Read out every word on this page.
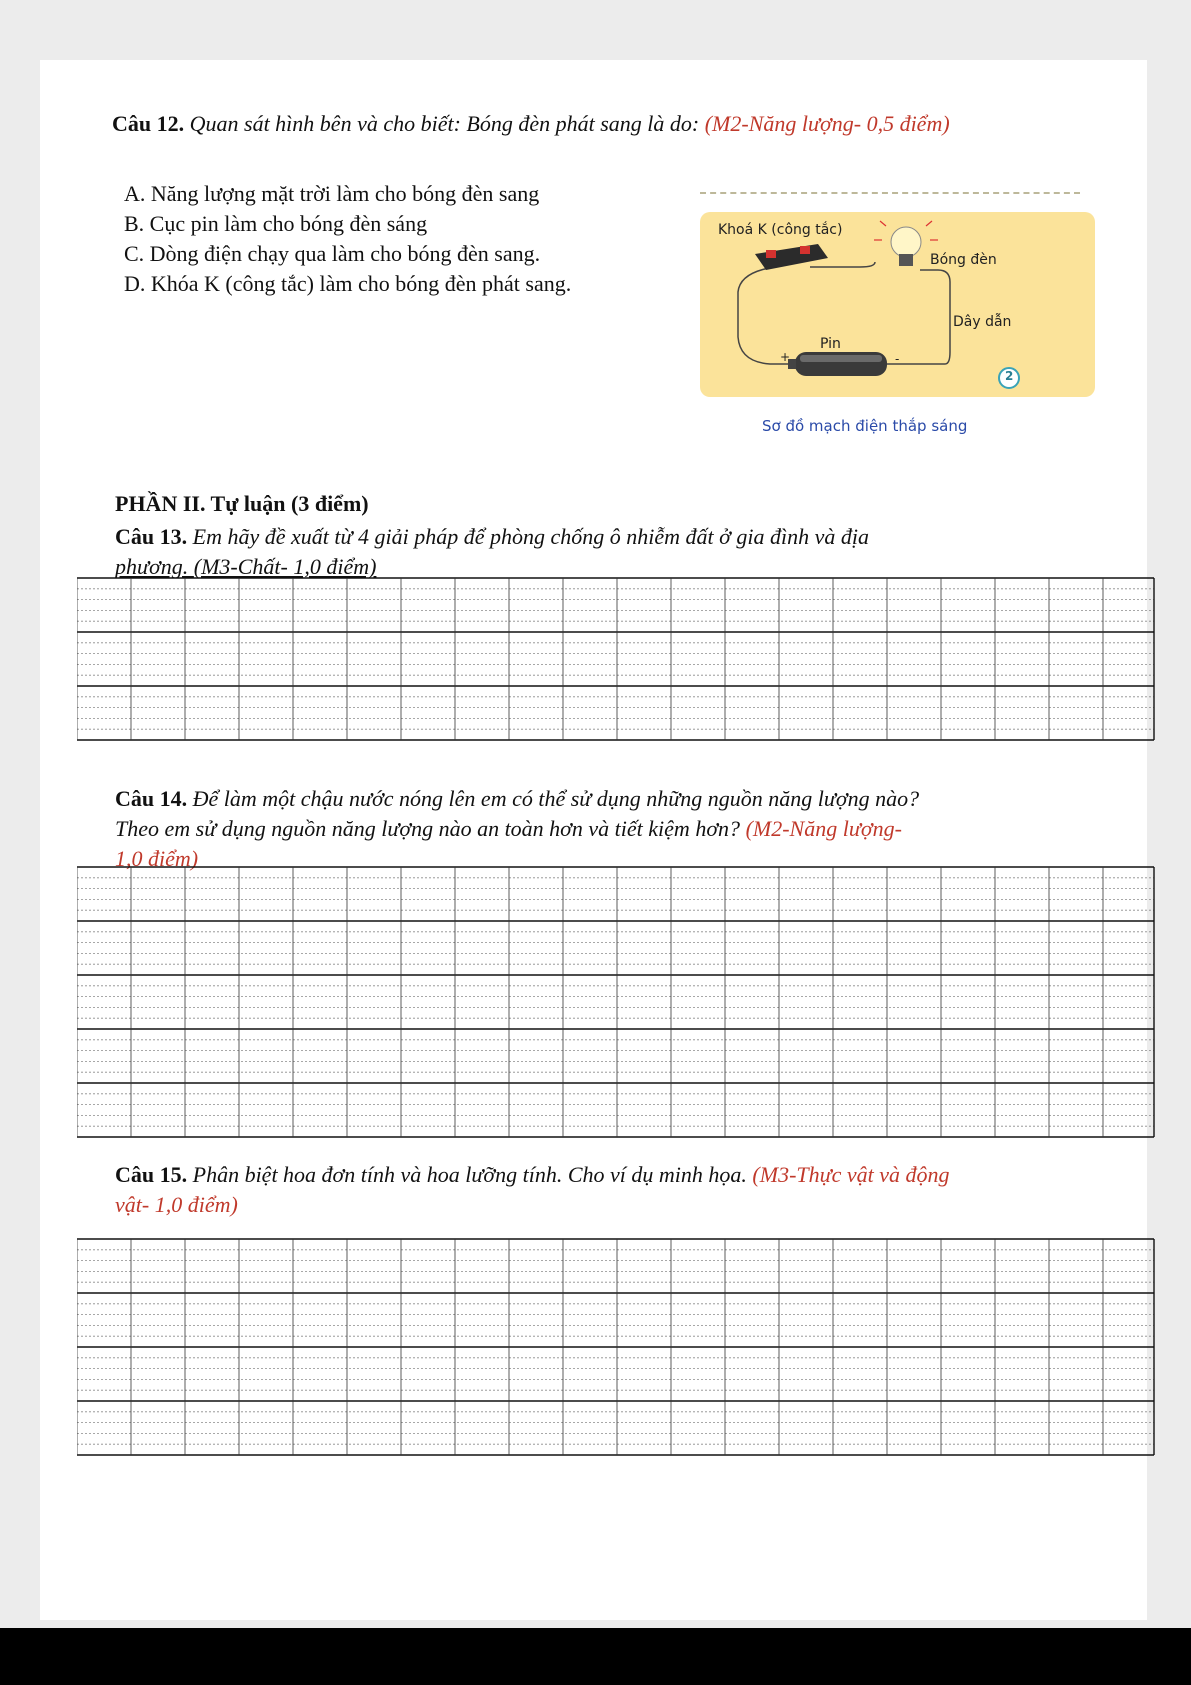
Câu 12. Quan sát hình bên và cho biết: Bóng đèn phát sang là do: (M2-Năng lượng- 0,5 điểm)
A. Năng lượng mặt trời làm cho bóng đèn sang
B. Cục pin làm cho bóng đèn sáng
C. Dòng điện chạy qua làm cho bóng đèn sang.
D. Khóa K (công tắc) làm cho bóng đèn phát sang.
Khoá K (công tắc)
Bóng đèn
Dây dẫn
Pin
+	-
2
Sơ đồ mạch điện thắp sáng
PHẦN II. Tự luận (3 điểm)
Câu 13. Em hãy đề xuất từ 4 giải pháp để phòng chống ô nhiễm đất ở gia đình và địa
phương. (M3-Chất- 1,0 điểm)
Câu 14. Để làm một chậu nước nóng lên em có thể sử dụng những nguồn năng lượng nào?
Theo em sử dụng nguồn năng lượng nào an toàn hơn và tiết kiệm hơn? (M2-Năng lượng-
1,0 điểm)
Câu 15. Phân biệt hoa đơn tính và hoa lưỡng tính. Cho ví dụ minh họa. (M3-Thực vật và động
vật- 1,0 điểm)
